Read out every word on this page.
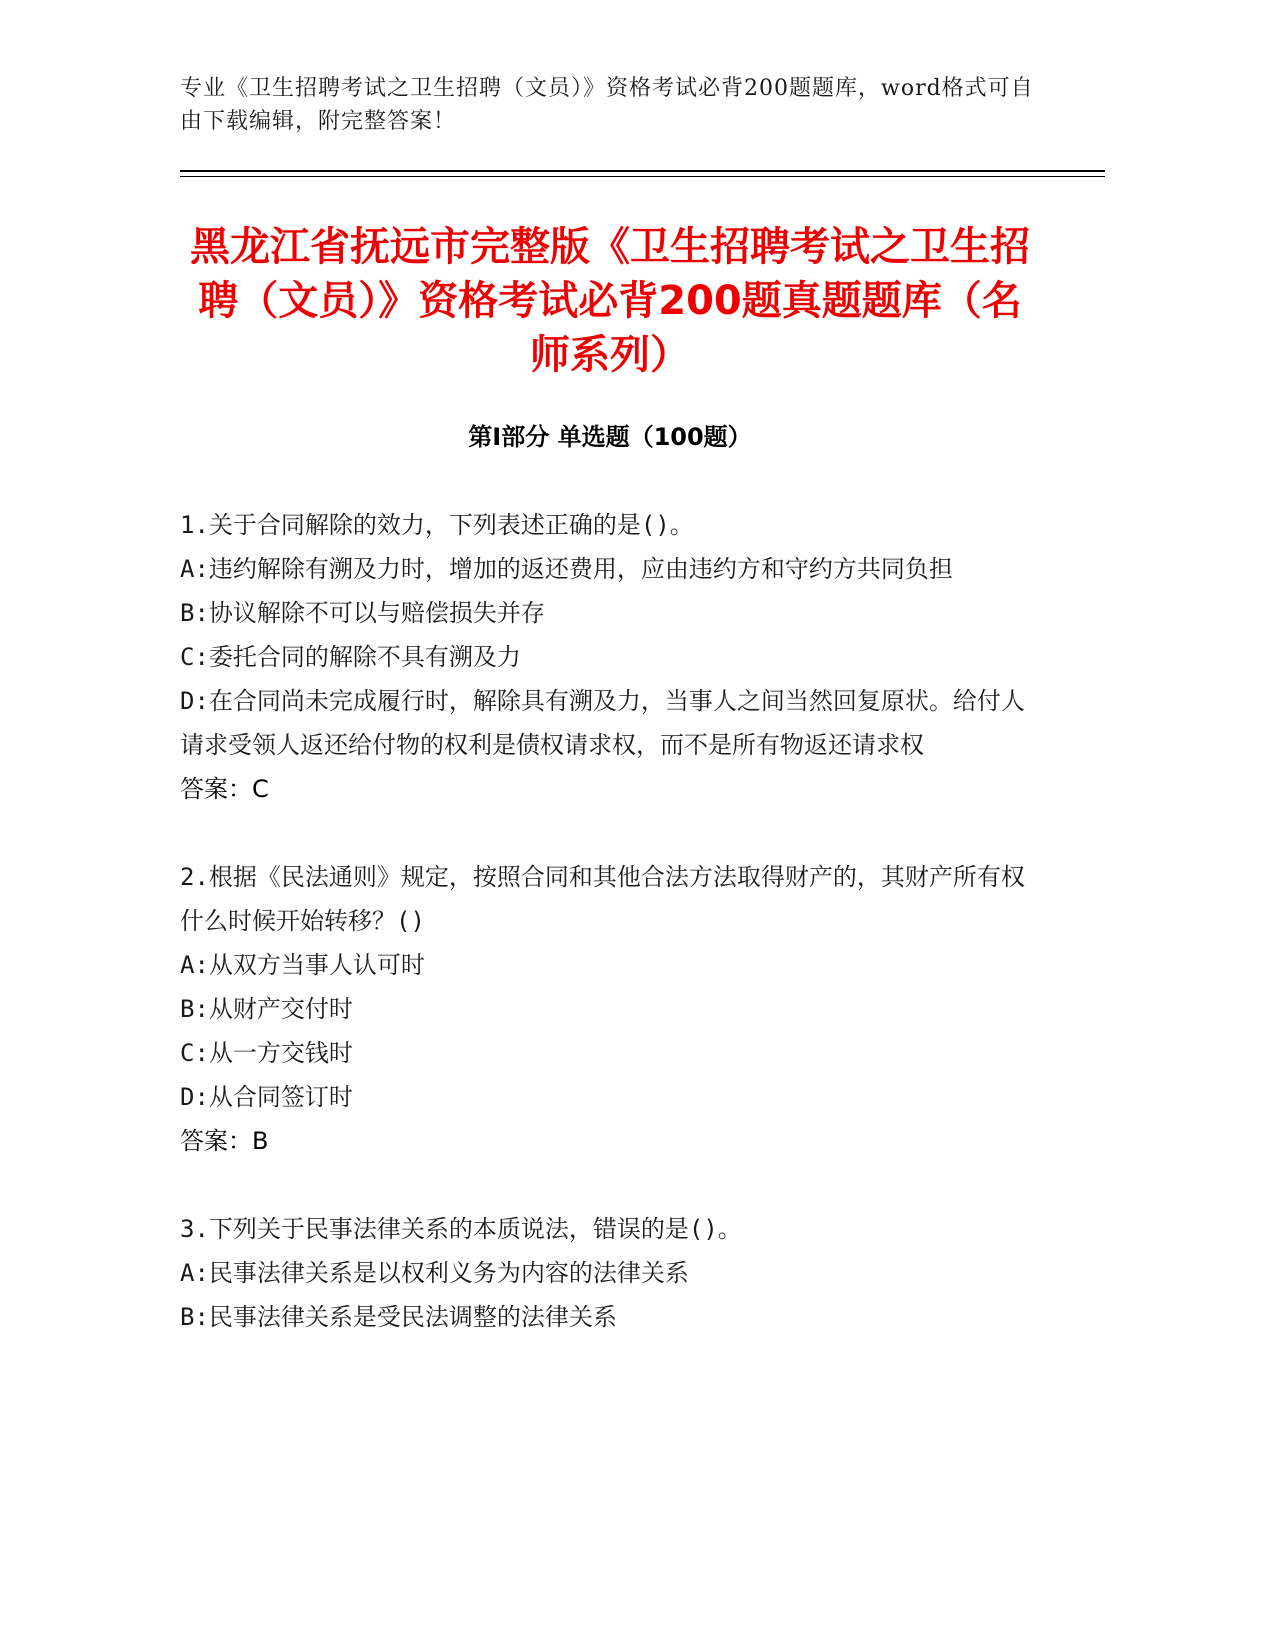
专业《卫生招聘考试之卫生招聘（文员）》资格考试必背200题题库，word格式可自由下载编辑，附完整答案！

黑龙江省抚远市完整版《卫生招聘考试之卫生招聘（文员）》资格考试必背200题真题题库（名师系列）
第Ⅰ部分 单选题（100题）

1.关于合同解除的效力，下列表述正确的是()。

A:违约解除有溯及力时，增加的返还费用，应由违约方和守约方共同负担

B:协议解除不可以与赔偿损失并存

C:委托合同的解除不具有溯及力

D:在合同尚未完成履行时，解除具有溯及力，当事人之间当然回复原状。给付人请求受领人返还给付物的权利是债权请求权，而不是所有物返还请求权

答案：C

2.根据《民法通则》规定，按照合同和其他合法方法取得财产的，其财产所有权什么时候开始转移？()

A:从双方当事人认可时

B:从财产交付时

C:从一方交钱时

D:从合同签订时

答案：B

3.下列关于民事法律关系的本质说法，错误的是()。

A:民事法律关系是以权利义务为内容的法律关系

B:民事法律关系是受民法调整的法律关系
